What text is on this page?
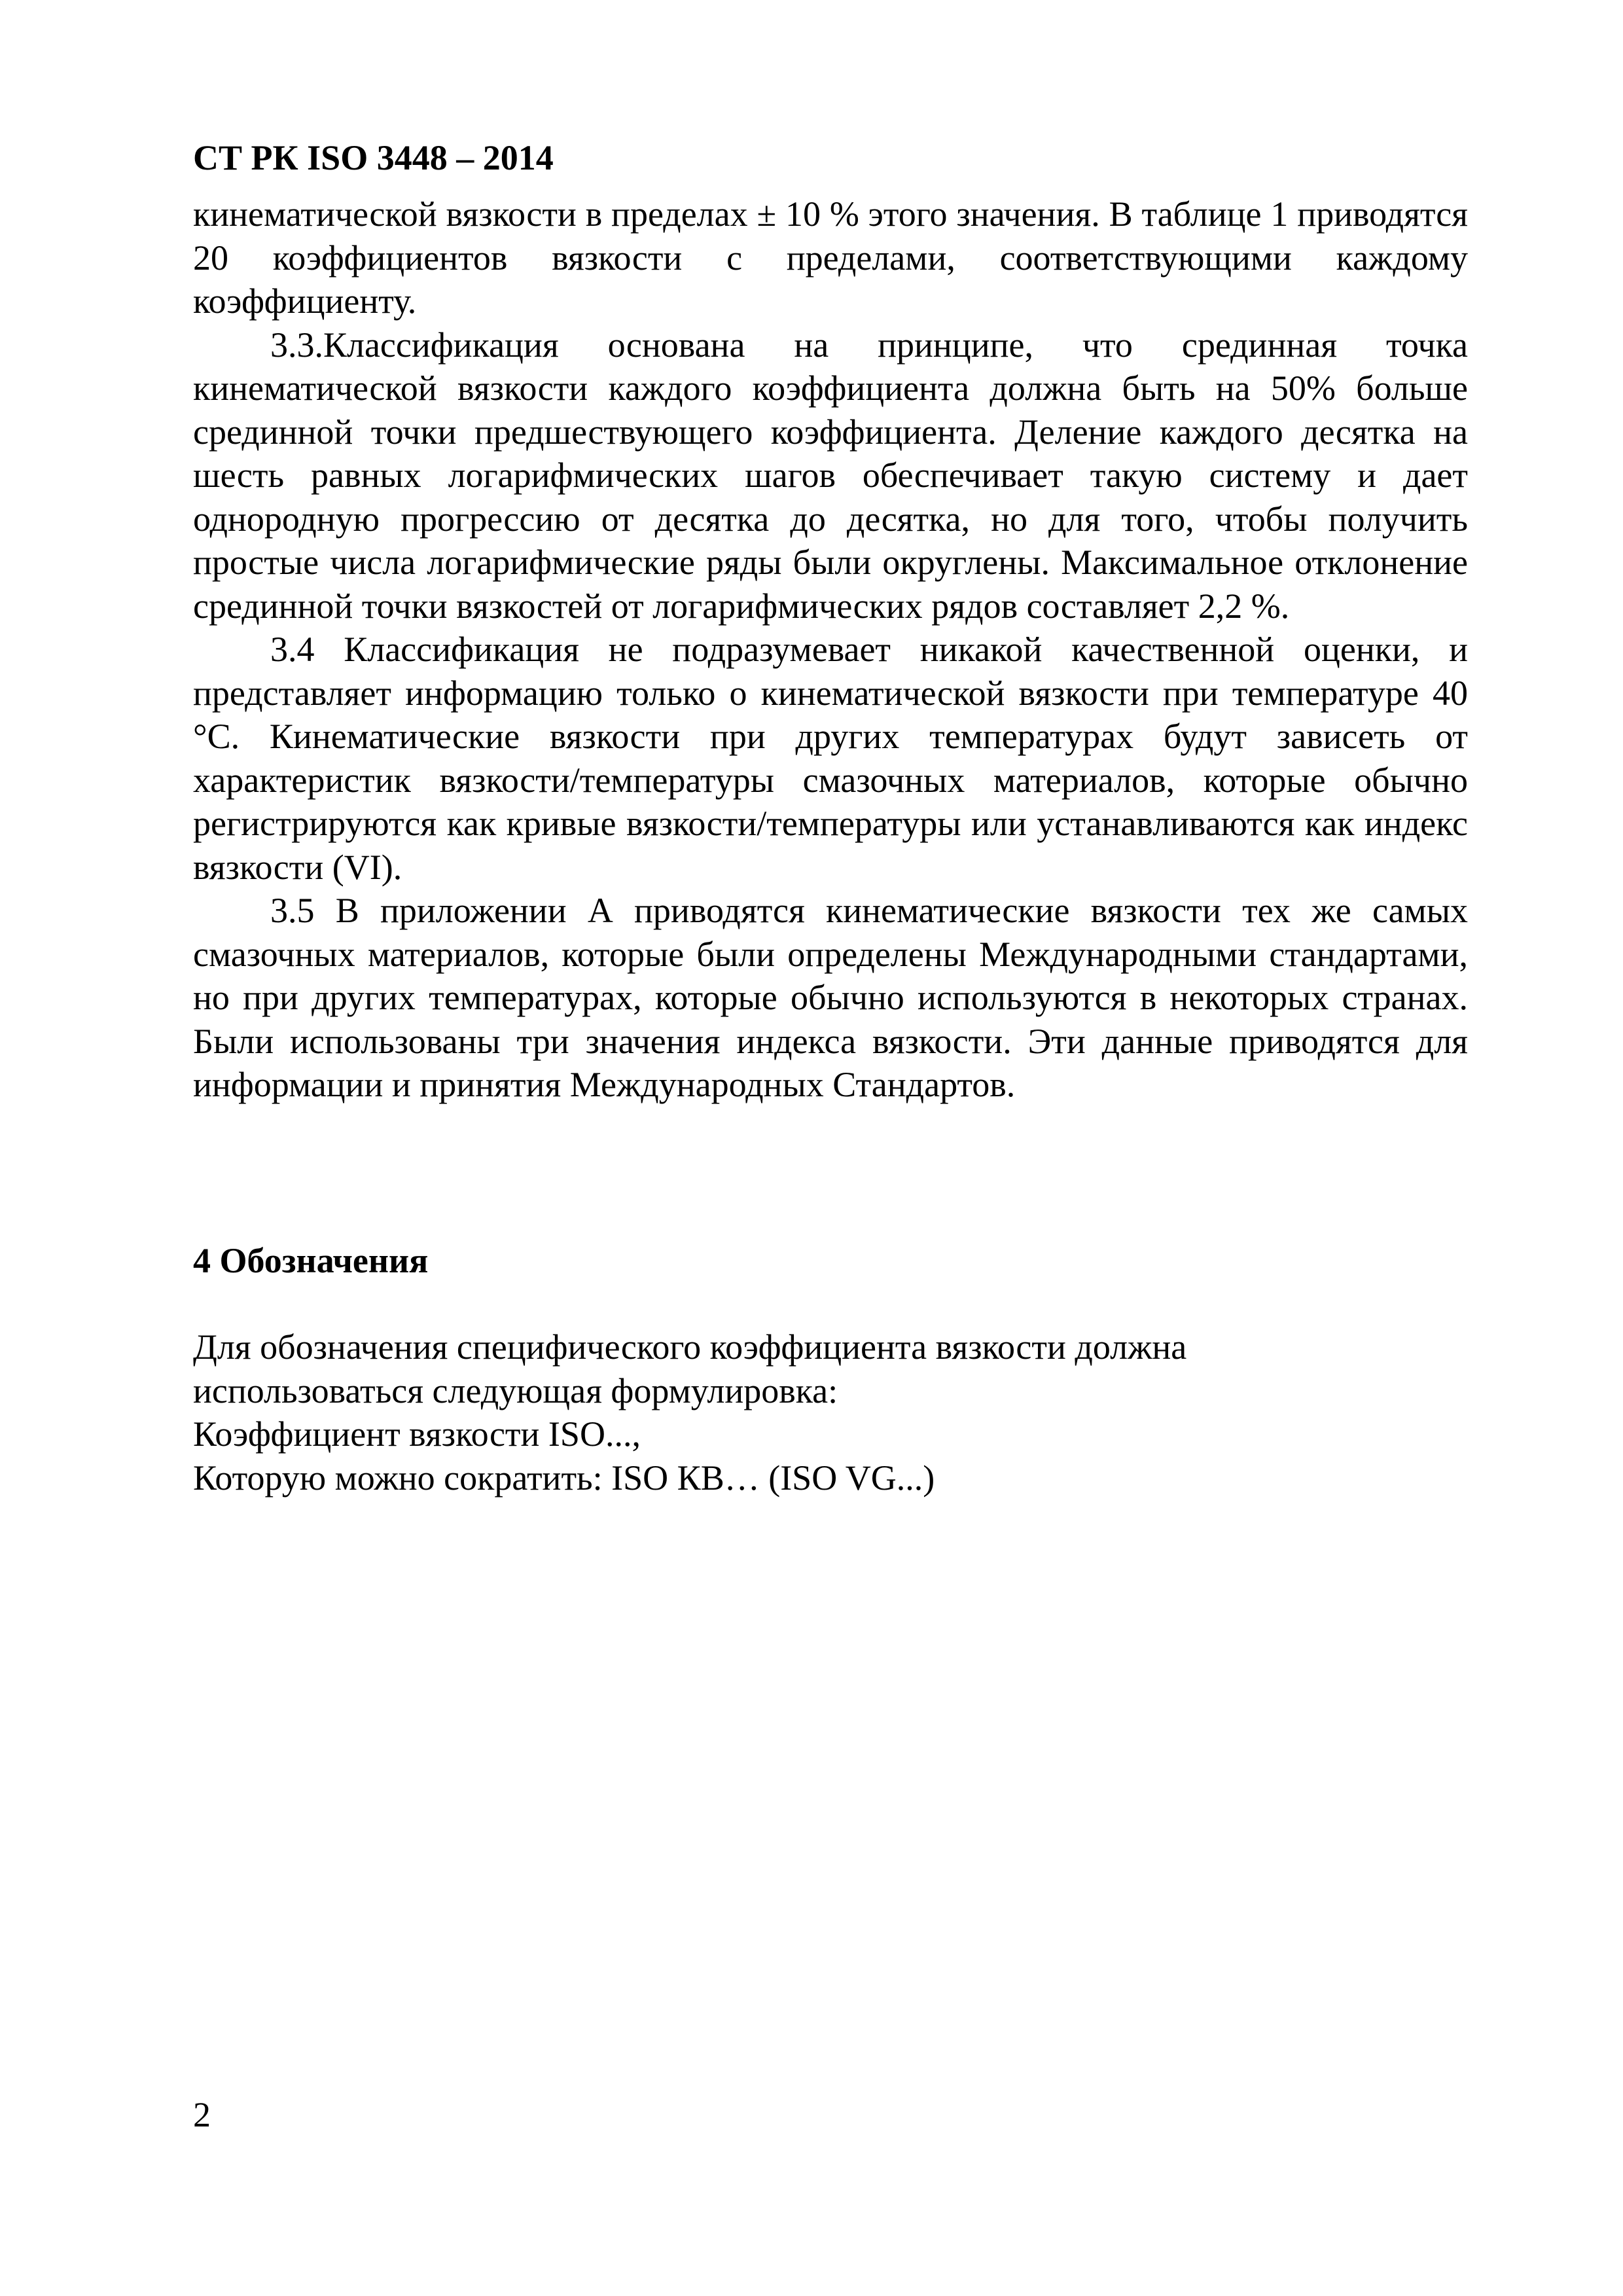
СТ РК ISO 3448 – 2014

кинематической вязкости в пределах ± 10 % этого значения. В таблице 1 приводятся 20 коэффициентов вязкости с пределами, соответствующими каждому коэффициенту.

3.3.Классификация основана на принципе, что срединная точка кинематической вязкости каждого коэффициента должна быть на 50% больше срединной точки предшествующего коэффициента. Деление каждого десятка на шесть равных логарифмических шагов обеспечивает такую систему и дает однородную прогрессию от десятка до десятка, но для того, чтобы получить простые числа логарифмические ряды были округлены. Максимальное отклонение срединной точки вязкостей от логарифмических рядов составляет 2,2 %.

3.4 Классификация не подразумевает никакой качественной оценки, и представляет информацию только о кинематической вязкости при температуре 40 °C. Кинематические вязкости при других температурах будут зависеть от характеристик вязкости/температуры смазочных материалов, которые обычно регистрируются как кривые вязкости/температуры или устанавливаются как индекс вязкости (VI).

3.5 В приложении А приводятся кинематические вязкости тех же самых смазочных материалов, которые были определены Международными стандартами, но при других температурах, которые обычно используются в некоторых странах. Были использованы три значения индекса вязкости. Эти данные приводятся для информации и принятия Международных Стандартов.

4 Обозначения
Для обозначения специфического коэффициента вязкости должна
использоваться следующая формулировка:
Коэффициент вязкости ISO...,
Которую можно сократить: ISO КВ… (ISO VG...)
2
